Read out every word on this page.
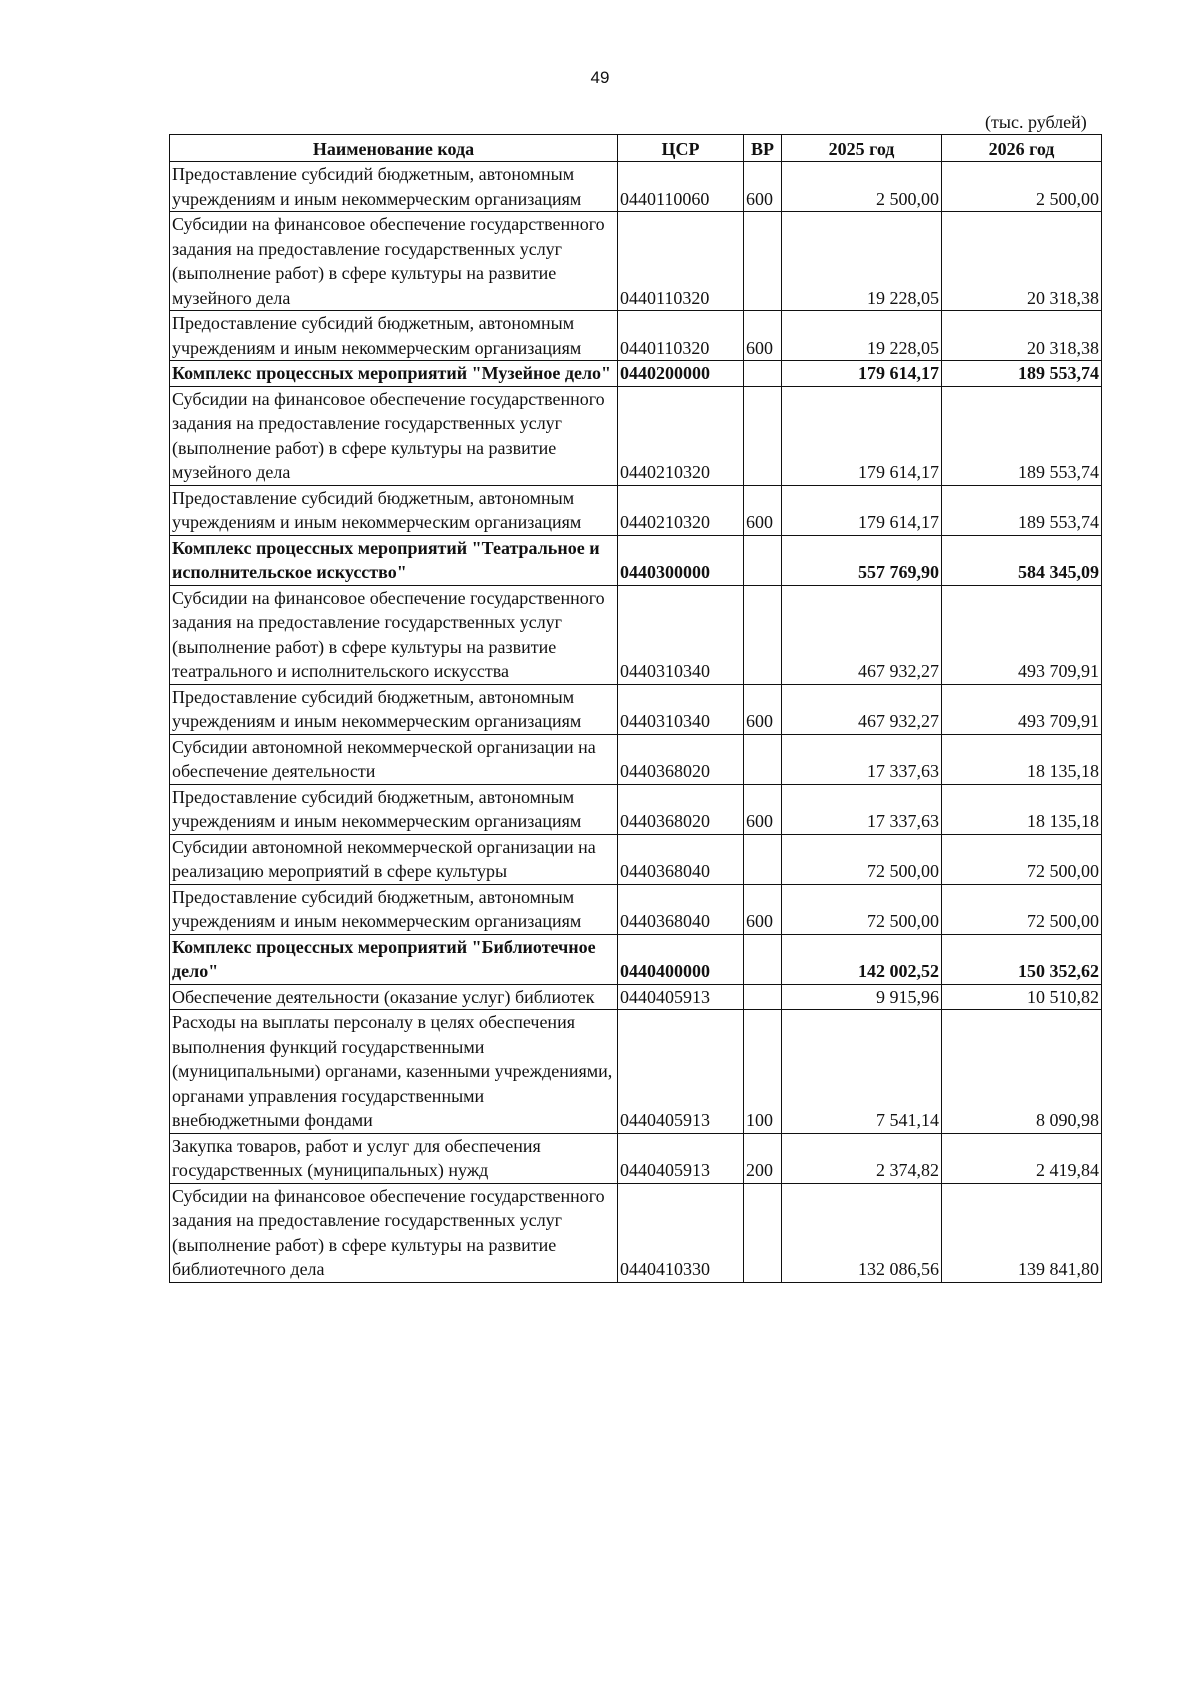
49
(тыс. рублей)
Наименование кода	ЦСР	ВР	2025 год	2026 год
Предоставление субсидий бюджетным, автономным учреждениям и иным некоммерческим организациям	0440110060	600	2 500,00	2 500,00
Субсидии на финансовое обеспечение государственного задания на предоставление государственных услуг (выполнение работ) в сфере культуры на развитие музейного дела	0440110320		19 228,05	20 318,38
Предоставление субсидий бюджетным, автономным учреждениям и иным некоммерческим организациям	0440110320	600	19 228,05	20 318,38
Комплекс процессных мероприятий "Музейное дело"	0440200000		179 614,17	189 553,74
Субсидии на финансовое обеспечение государственного задания на предоставление государственных услуг (выполнение работ) в сфере культуры на развитие музейного дела	0440210320		179 614,17	189 553,74
Предоставление субсидий бюджетным, автономным учреждениям и иным некоммерческим организациям	0440210320	600	179 614,17	189 553,74
Комплекс процессных мероприятий "Театральное и исполнительское искусство"	0440300000		557 769,90	584 345,09
Субсидии на финансовое обеспечение государственного задания на предоставление государственных услуг (выполнение работ) в сфере культуры на развитие театрального и исполнительского искусства	0440310340		467 932,27	493 709,91
Предоставление субсидий бюджетным, автономным учреждениям и иным некоммерческим организациям	0440310340	600	467 932,27	493 709,91
Субсидии автономной некоммерческой организации на обеспечение деятельности	0440368020		17 337,63	18 135,18
Предоставление субсидий бюджетным, автономным учреждениям и иным некоммерческим организациям	0440368020	600	17 337,63	18 135,18
Субсидии автономной некоммерческой организации на реализацию мероприятий в сфере культуры	0440368040		72 500,00	72 500,00
Предоставление субсидий бюджетным, автономным учреждениям и иным некоммерческим организациям	0440368040	600	72 500,00	72 500,00
Комплекс процессных мероприятий "Библиотечное дело"	0440400000		142 002,52	150 352,62
Обеспечение деятельности (оказание услуг) библиотек	0440405913		9 915,96	10 510,82
Расходы на выплаты персоналу в целях обеспечения выполнения функций государственными (муниципальными) органами, казенными учреждениями, органами управления государственными внебюджетными фондами	0440405913	100	7 541,14	8 090,98
Закупка товаров, работ и услуг для обеспечения государственных (муниципальных) нужд	0440405913	200	2 374,82	2 419,84
Субсидии на финансовое обеспечение государственного задания на предоставление государственных услуг (выполнение работ) в сфере культуры на развитие библиотечного дела	0440410330		132 086,56	139 841,80
